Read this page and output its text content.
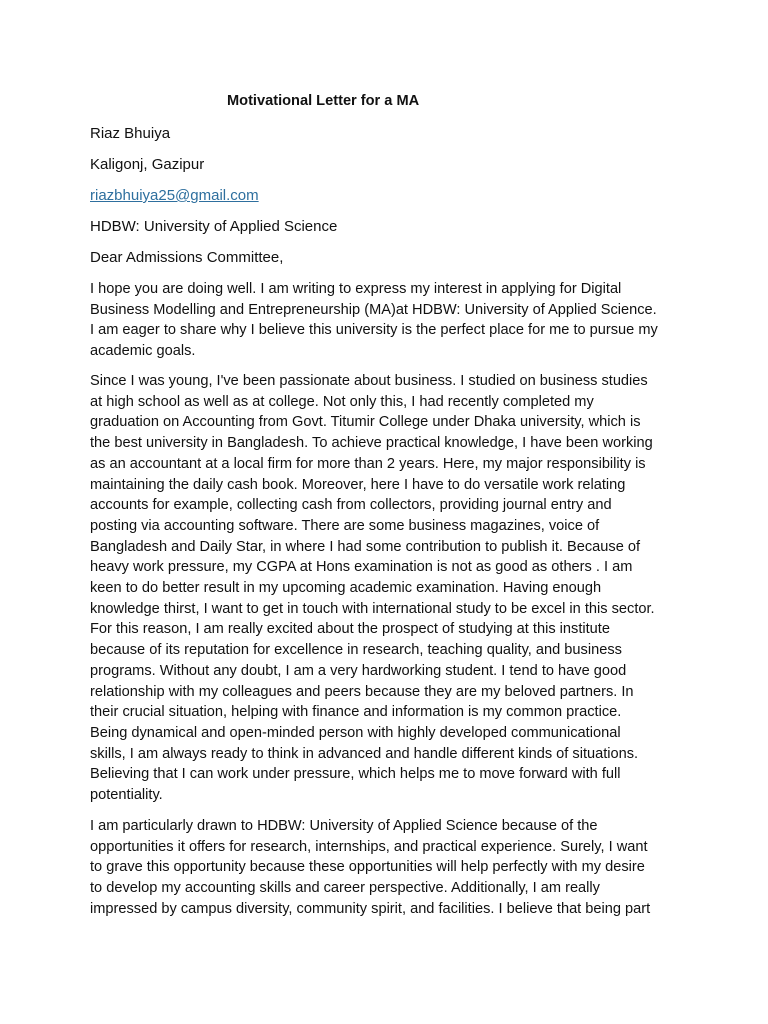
Motivational Letter for a MA
Riaz Bhuiya
Kaligonj, Gazipur
riazbhuiya25@gmail.com
HDBW: University of Applied Science
Dear Admissions Committee,
I hope you are doing well. I am writing to express my interest in applying for Digital
Business Modelling and Entrepreneurship (MA)at HDBW: University of Applied Science.
I am eager to share why I believe this university is the perfect place for me to pursue my
academic goals.
Since I was young, I've been passionate about business. I studied on business studies
at high school as well as at college. Not only this, I had recently completed my
graduation on Accounting from Govt. Titumir College under Dhaka university, which is
the best university in Bangladesh. To achieve practical knowledge, I have been working
as an accountant at a local firm for more than 2 years. Here, my major responsibility is
maintaining the daily cash book. Moreover, here I have to do versatile work relating
accounts for example, collecting cash from collectors, providing journal entry and
posting via accounting software. There are some business magazines, voice of
Bangladesh and Daily Star, in where I had some contribution to publish it. Because of
heavy work pressure, my CGPA at Hons examination is not as good as others . I am
keen to do better result in my upcoming academic examination. Having enough
knowledge thirst, I want to get in touch with international study to be excel in this sector.
For this reason, I am really excited about the prospect of studying at this institute
because of its reputation for excellence in research, teaching quality, and business
programs. Without any doubt, I am a very hardworking student. I tend to have good
relationship with my colleagues and peers because they are my beloved partners. In
their crucial situation, helping with finance and information is my common practice.
Being dynamical and open-minded person with highly developed communicational
skills, I am always ready to think in advanced and handle different kinds of situations.
Believing that I can work under pressure, which helps me to move forward with full
potentiality.
I am particularly drawn to HDBW: University of Applied Science because of the
opportunities it offers for research, internships, and practical experience. Surely, I want
to grave this opportunity because these opportunities will help perfectly with my desire
to develop my accounting skills and career perspective. Additionally, I am really
impressed by campus diversity, community spirit, and facilities. I believe that being part
